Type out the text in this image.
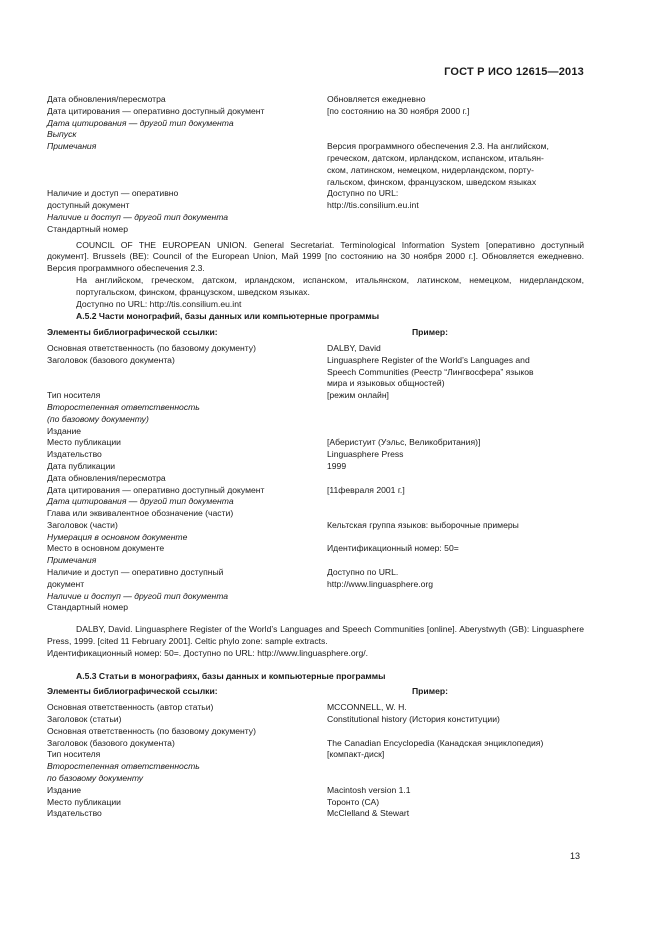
ГОСТ Р ИСО 12615—2013
Дата обновления/пересмотра	Обновляется ежедневно
Дата цитирования — оперативно доступный документ	[по состоянию на 30 ноября 2000 г.]
Дата цитирования — другой тип документа
Выпуск
Примечания	Версия программного обеспечения 2.3. На английском,
греческом, датском, ирландском, испанском, итальян-
ском, латинском, немецком, нидерландском, порту-
гальском, финском, французском, шведском языках
Наличие и доступ — оперативно	Доступно по URL:
доступный документ	http://tis.consilium.eu.int
Наличие и доступ — другой тип документа
Стандартный номер
COUNCIL OF THE EUROPEAN UNION. General Secretariat. Terminological Information System [оперативно доступный документ]. Brussels (BE): Council of the European Union, Май 1999 [по состоянию на 30 ноября 2000 г.]. Обновляется ежедневно. Версия программного обеспечения 2.3.
На английском, греческом, датском, ирландском, испанском, итальянском, латинском, немецком, нидерландском, португальском, финском, французском, шведском языках.
Доступно по URL: http://tis.consilium.eu.int
А.5.2 Части монографий, базы данных или компьютерные программы
Элементы библиографической ссылки:	Пример:
Основная ответственность (по базовому документу)	DALBY, David
Заголовок (базового документа)	Linguasphere Register of the World’s Languages and
Speech Communities (Реестр “Лингвосфера” языков
мира и языковых общностей)
Тип носителя	[режим онлайн]
Второстепенная ответственность
(по базовому документу)
Издание
Место публикации	[Аберистуит (Уэльс, Великобритания)]
Издательство	Linguasphere Press
Дата публикации	1999
Дата обновления/пересмотра
Дата цитирования — оперативно доступный документ	[11февраля 2001 г.]
Дата цитирования — другой тип документа
Глава или эквивалентное обозначение (части)
Заголовок (части)	Кельтская группа языков: выборочные примеры
Нумерация в основном документе
Место в основном документе	Идентификационный номер: 50=
Примечания
Наличие и доступ — оперативно доступный	Доступно по URL.
документ	http://www.linguasphere.org
Наличие и доступ — другой тип документа
Стандартный номер
DALBY, David. Linguasphere Register of the World’s Languages and Speech Communities [online]. Aberystwyth (GB): Linguasphere Press, 1999. [cited 11 February 2001]. Celtic phylo zone: sample extracts.
Идентификационный номер: 50=. Доступно по URL: http://www.linguasphere.org/.
А.5.3 Статьи в монографиях, базы данных и компьютерные программы
Элементы библиографической ссылки:	Пример:
Основная ответственность (автор статьи)	MCCONNELL, W. H.
Заголовок (статьи)	Constitutional history (История конституции)
Основная ответственность (по базовому документу)
Заголовок (базового документа)	The Canadian Encyclopedia (Канадская энциклопедия)
Тип носителя	[компакт-диск]
Второстепенная ответственность
по базовому документу
Издание	Macintosh version 1.1
Место публикации	Торонто (СА)
Издательство	McClelland & Stewart
13
